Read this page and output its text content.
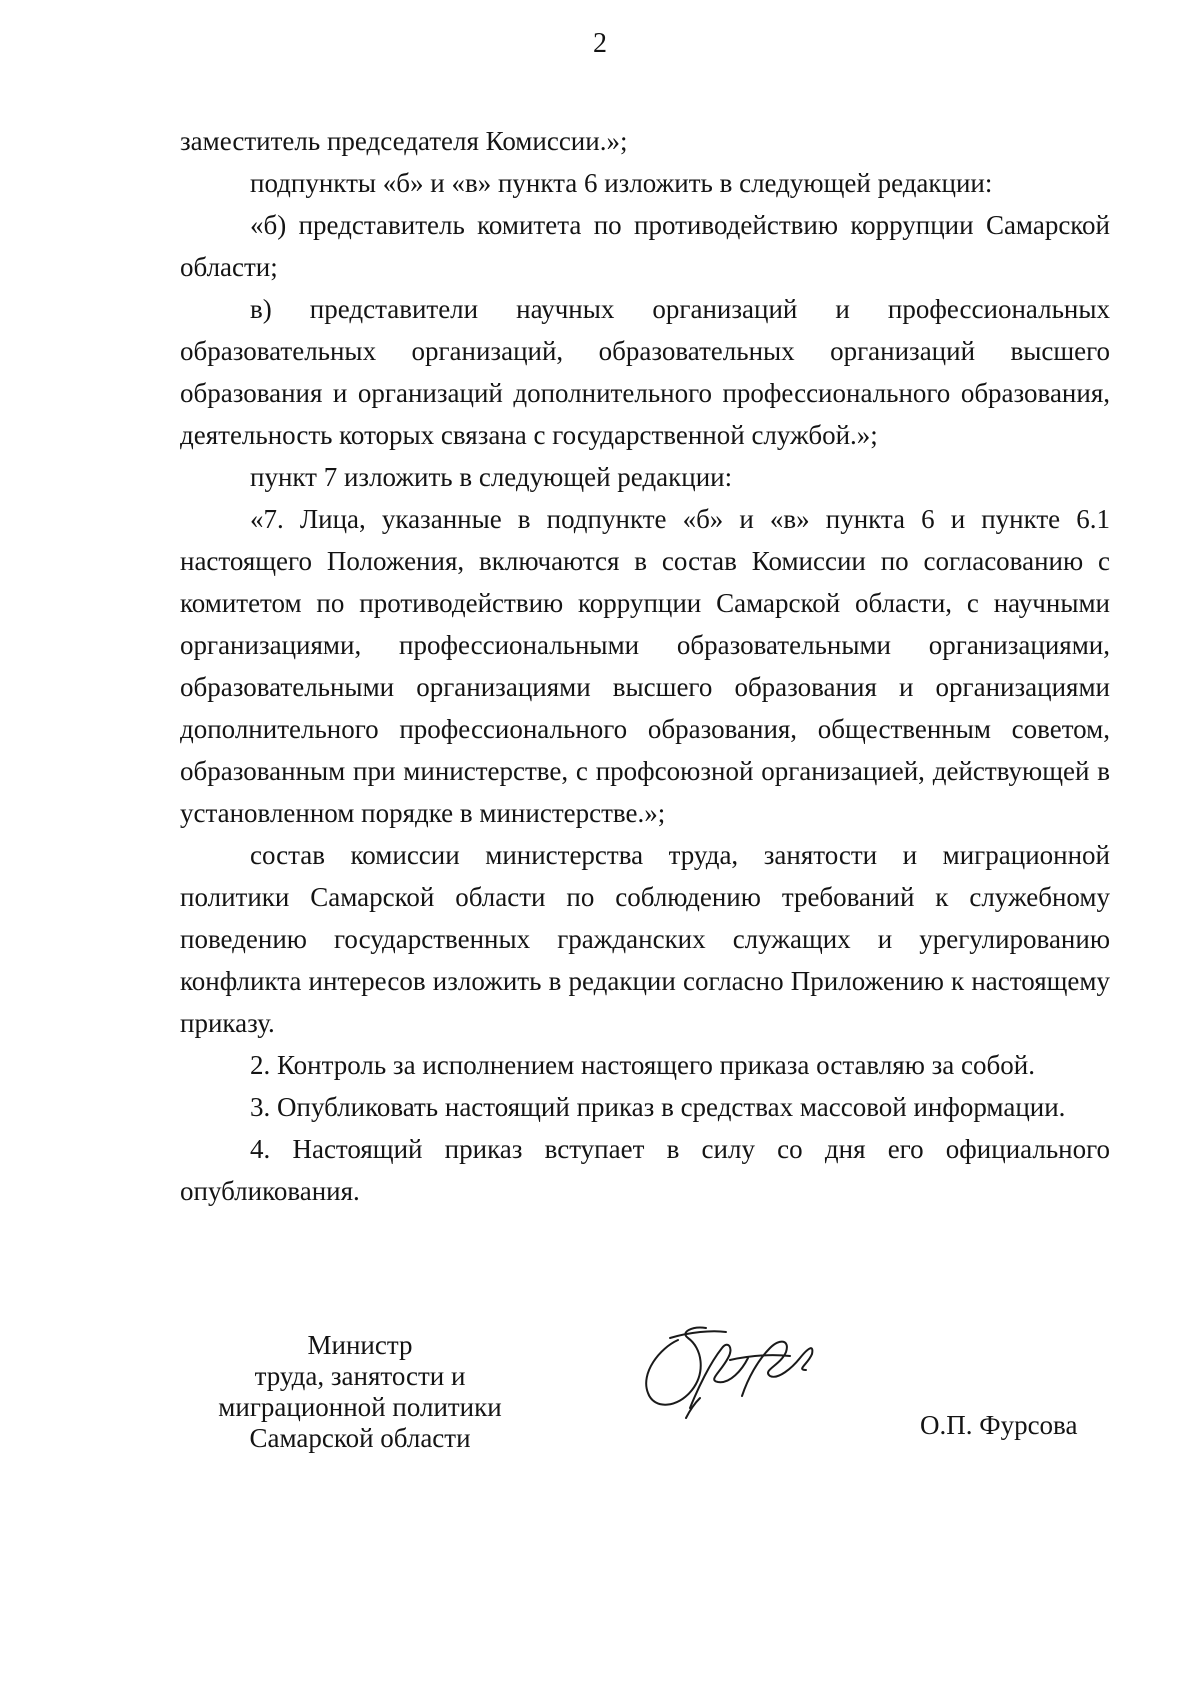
2

заместитель председателя Комиссии.»;

подпункты «б» и «в» пункта 6 изложить в следующей редакции:

«б) представитель комитета по противодействию коррупции Самарской области;

в) представители научных организаций и профессиональных образовательных организаций, образовательных организаций высшего образования и организаций дополнительного профессионального образования, деятельность которых связана с государственной службой.»;

пункт 7 изложить в следующей редакции:

«7. Лица, указанные в подпункте «б» и «в» пункта 6 и пункте 6.1 настоящего Положения, включаются в состав Комиссии по согласованию с комитетом по противодействию коррупции Самарской области, с научными организациями, профессиональными образовательными организациями, образовательными организациями высшего образования и организациями дополнительного профессионального образования, общественным советом, образованным при министерстве, с профсоюзной организацией, действующей в установленном порядке в министерстве.»;

состав комиссии министерства труда, занятости и миграционной политики Самарской области по соблюдению требований к служебному поведению государственных гражданских служащих и урегулированию конфликта интересов изложить в редакции согласно Приложению к настоящему приказу.

2. Контроль за исполнением настоящего приказа оставляю за собой.

3. Опубликовать настоящий приказ в средствах массовой информации.

4. Настоящий приказ вступает в силу со дня его официального опубликования.

Министр
труда, занятости и
миграционной политики
Самарской области	О.П. Фурсова
